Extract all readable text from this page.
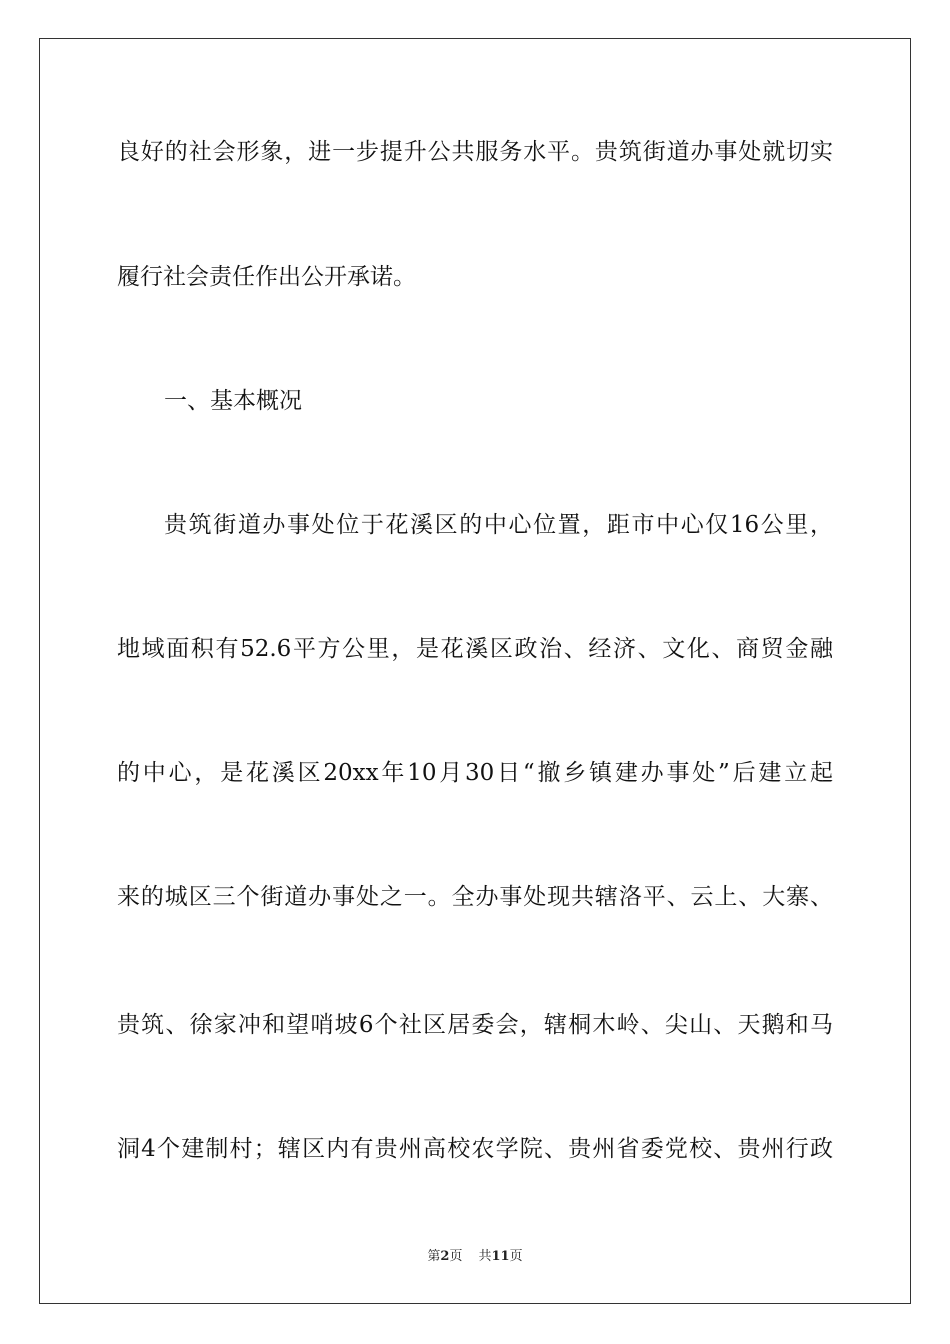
良好的社会形象，进一步提升公共服务水平。贵筑街道办事处就切实
履行社会责任作出公开承诺。
一、基本概况
贵筑街道办事处位于花溪区的中心位置，距市中心仅16公里，
地域面积有52.6平方公里，是花溪区政治、经济、文化、商贸金融
的中心，是花溪区20xx年10月30日“撤乡镇建办事处”后建立起
来的城区三个街道办事处之一。全办事处现共辖洛平、云上、大寨、
贵筑、徐家冲和望哨坡6个社区居委会，辖桐木岭、尖山、天鹅和马
洞4个建制村；辖区内有贵州高校农学院、贵州省委党校、贵州行政
第2页 共11页
